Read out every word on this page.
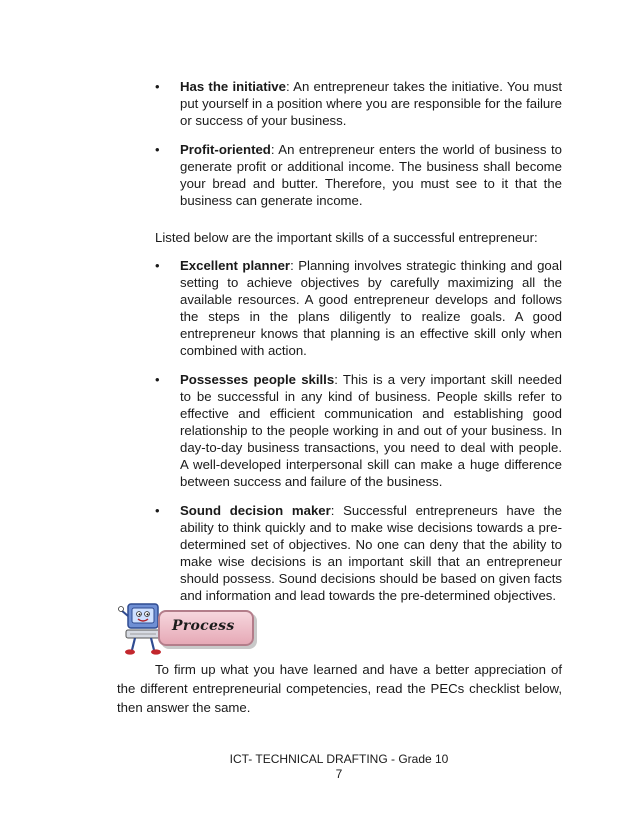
• Has the initiative: An entrepreneur takes the initiative. You must put yourself in a position where you are responsible for the failure or success of your business.
• Profit-oriented: An entrepreneur enters the world of business to generate profit or additional income. The business shall become your bread and butter. Therefore, you must see to it that the business can generate income.

Listed below are the important skills of a successful entrepreneur:

• Excellent planner: Planning involves strategic thinking and goal setting to achieve objectives by carefully maximizing all the available resources. A good entrepreneur develops and follows the steps in the plans diligently to realize goals. A good entrepreneur knows that planning is an effective skill only when combined with action.
• Possesses people skills: This is a very important skill needed to be successful in any kind of business. People skills refer to effective and efficient communication and establishing good relationship to the people working in and out of your business. In day-to-day business transactions, you need to deal with people. A well-developed interpersonal skill can make a huge difference between success and failure of the business.
• Sound decision maker: Successful entrepreneurs have the ability to think quickly and to make wise decisions towards a pre-determined set of objectives. No one can deny that the ability to make wise decisions is an important skill that an entrepreneur should possess. Sound decisions should be based on given facts and information and lead towards the pre-determined objectives.
Process

To firm up what you have learned and have a better appreciation of the different entrepreneurial competencies, read the PECs checklist below, then answer the same.

ICT- TECHNICAL DRAFTING - Grade 10
7
